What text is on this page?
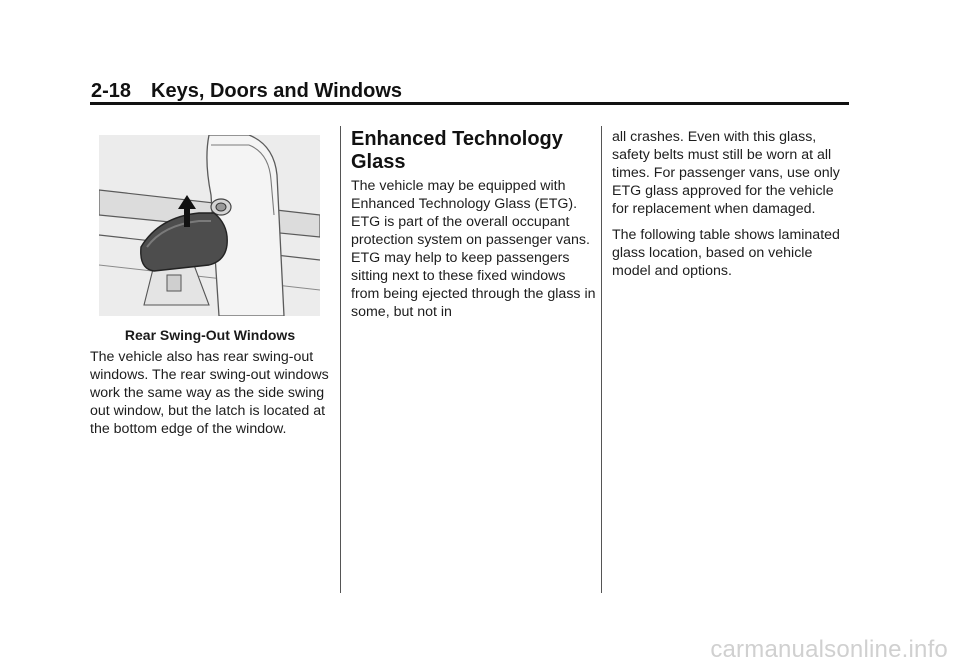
2-18 Keys, Doors and Windows
Rear Swing-Out Windows
The vehicle also has rear swing-out windows. The rear swing-out windows work the same way as the side swing out window, but the latch is located at the bottom edge of the window.
Enhanced Technology Glass
The vehicle may be equipped with Enhanced Technology Glass (ETG). ETG is part of the overall occupant protection system on passenger vans. ETG may help to keep passengers sitting next to these fixed windows from being ejected through the glass in some, but not in

all crashes. Even with this glass, safety belts must still be worn at all times. For passenger vans, use only ETG glass approved for the vehicle for replacement when damaged.

The following table shows laminated glass location, based on vehicle model and options.

carmanualsonline.info
